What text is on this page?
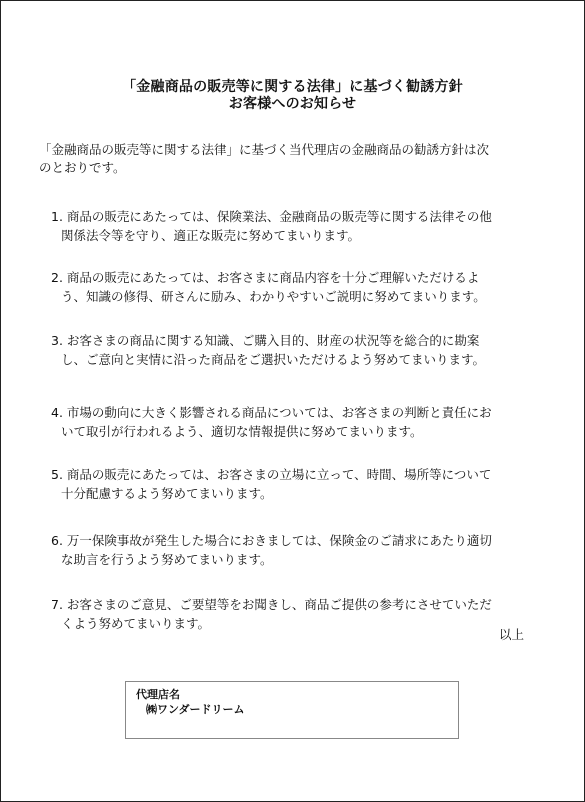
「金融商品の販売等に関する法律」に基づく勧誘方針
お客様へのお知らせ
「金融商品の販売等に関する法律」に基づく当代理店の金融商品の勧誘方針は次
のとおりです。
1. 商品の販売にあたっては、保険業法、金融商品の販売等に関する法律その他
関係法令等を守り、適正な販売に努めてまいります。
2. 商品の販売にあたっては、お客さまに商品内容を十分ご理解いただけるよ
う、知識の修得、研さんに励み、わかりやすいご説明に努めてまいります。
3. お客さまの商品に関する知識、ご購入目的、財産の状況等を総合的に勘案
し、ご意向と実情に沿った商品をご選択いただけるよう努めてまいります。
4. 市場の動向に大きく影響される商品については、お客さまの判断と責任にお
いて取引が行われるよう、適切な情報提供に努めてまいります。
5. 商品の販売にあたっては、お客さまの立場に立って、時間、場所等について
十分配慮するよう努めてまいります。
6. 万一保険事故が発生した場合におきましては、保険金のご請求にあたり適切
な助言を行うよう努めてまいります。
7. お客さまのご意見、ご要望等をお聞きし、商品ご提供の参考にさせていただ
くよう努めてまいります。
以上
代理店名
㈱ワンダードリーム
